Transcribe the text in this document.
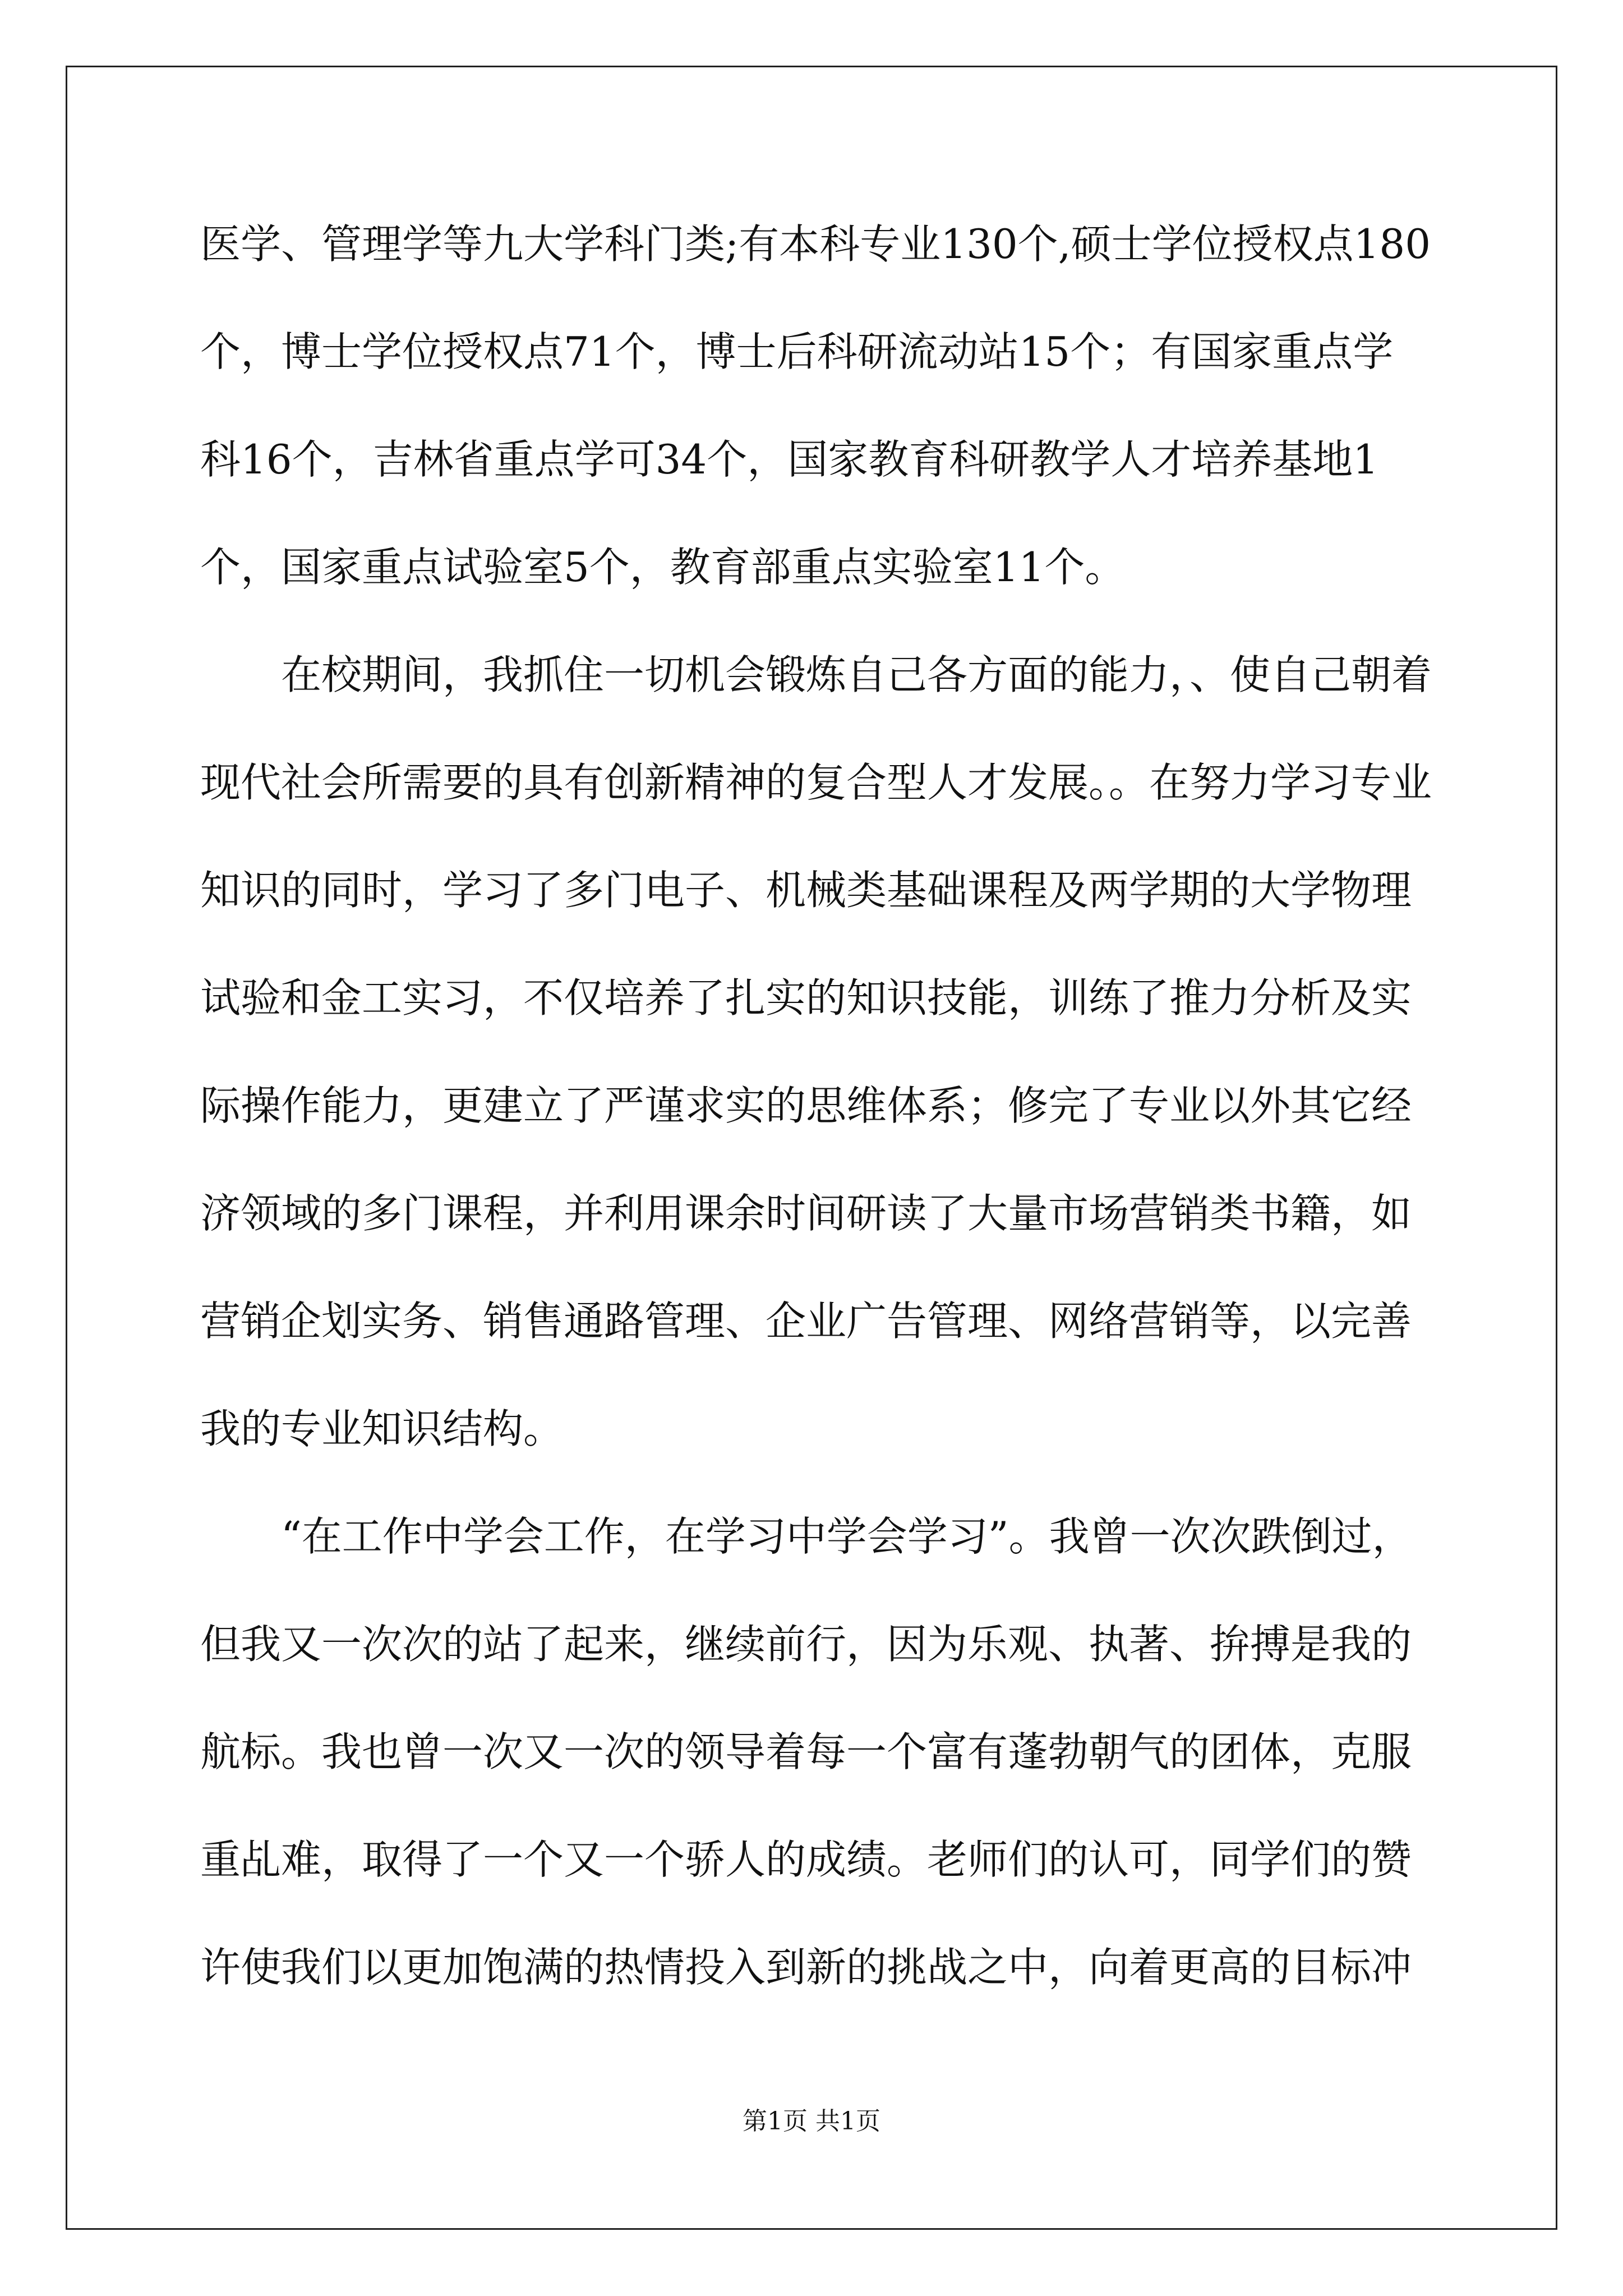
医学、管理学等九大学科门类;有本科专业130个,硕士学位授权点180
个，博士学位授权点71个，博士后科研流动站15个；有国家重点学
科16个，吉林省重点学可34个，国家教育科研教学人才培养基地1
个，国家重点试验室5个，教育部重点实验室11个。
在校期间，我抓住一切机会锻炼自己各方面的能力，、使自己朝着
现代社会所需要的具有创新精神的复合型人才发展。。在努力学习专业
知识的同时，学习了多门电子、机械类基础课程及两学期的大学物理
试验和金工实习，不仅培养了扎实的知识技能，训练了推力分析及实
际操作能力，更建立了严谨求实的思维体系；修完了专业以外其它经
济领域的多门课程，并利用课余时间研读了大量市场营销类书籍，如
营销企划实务、销售通路管理、企业广告管理、网络营销等，以完善
我的专业知识结构。
“在工作中学会工作，在学习中学会学习”。我曾一次次跌倒过，
但我又一次次的站了起来，继续前行，因为乐观、执著、拚搏是我的
航标。我也曾一次又一次的领导着每一个富有蓬勃朝气的团体，克服
重乩难，取得了一个又一个骄人的成绩。老师们的认可，同学们的赞
许使我们以更加饱满的热情投入到新的挑战之中，向着更高的目标冲
第1页 共1页
